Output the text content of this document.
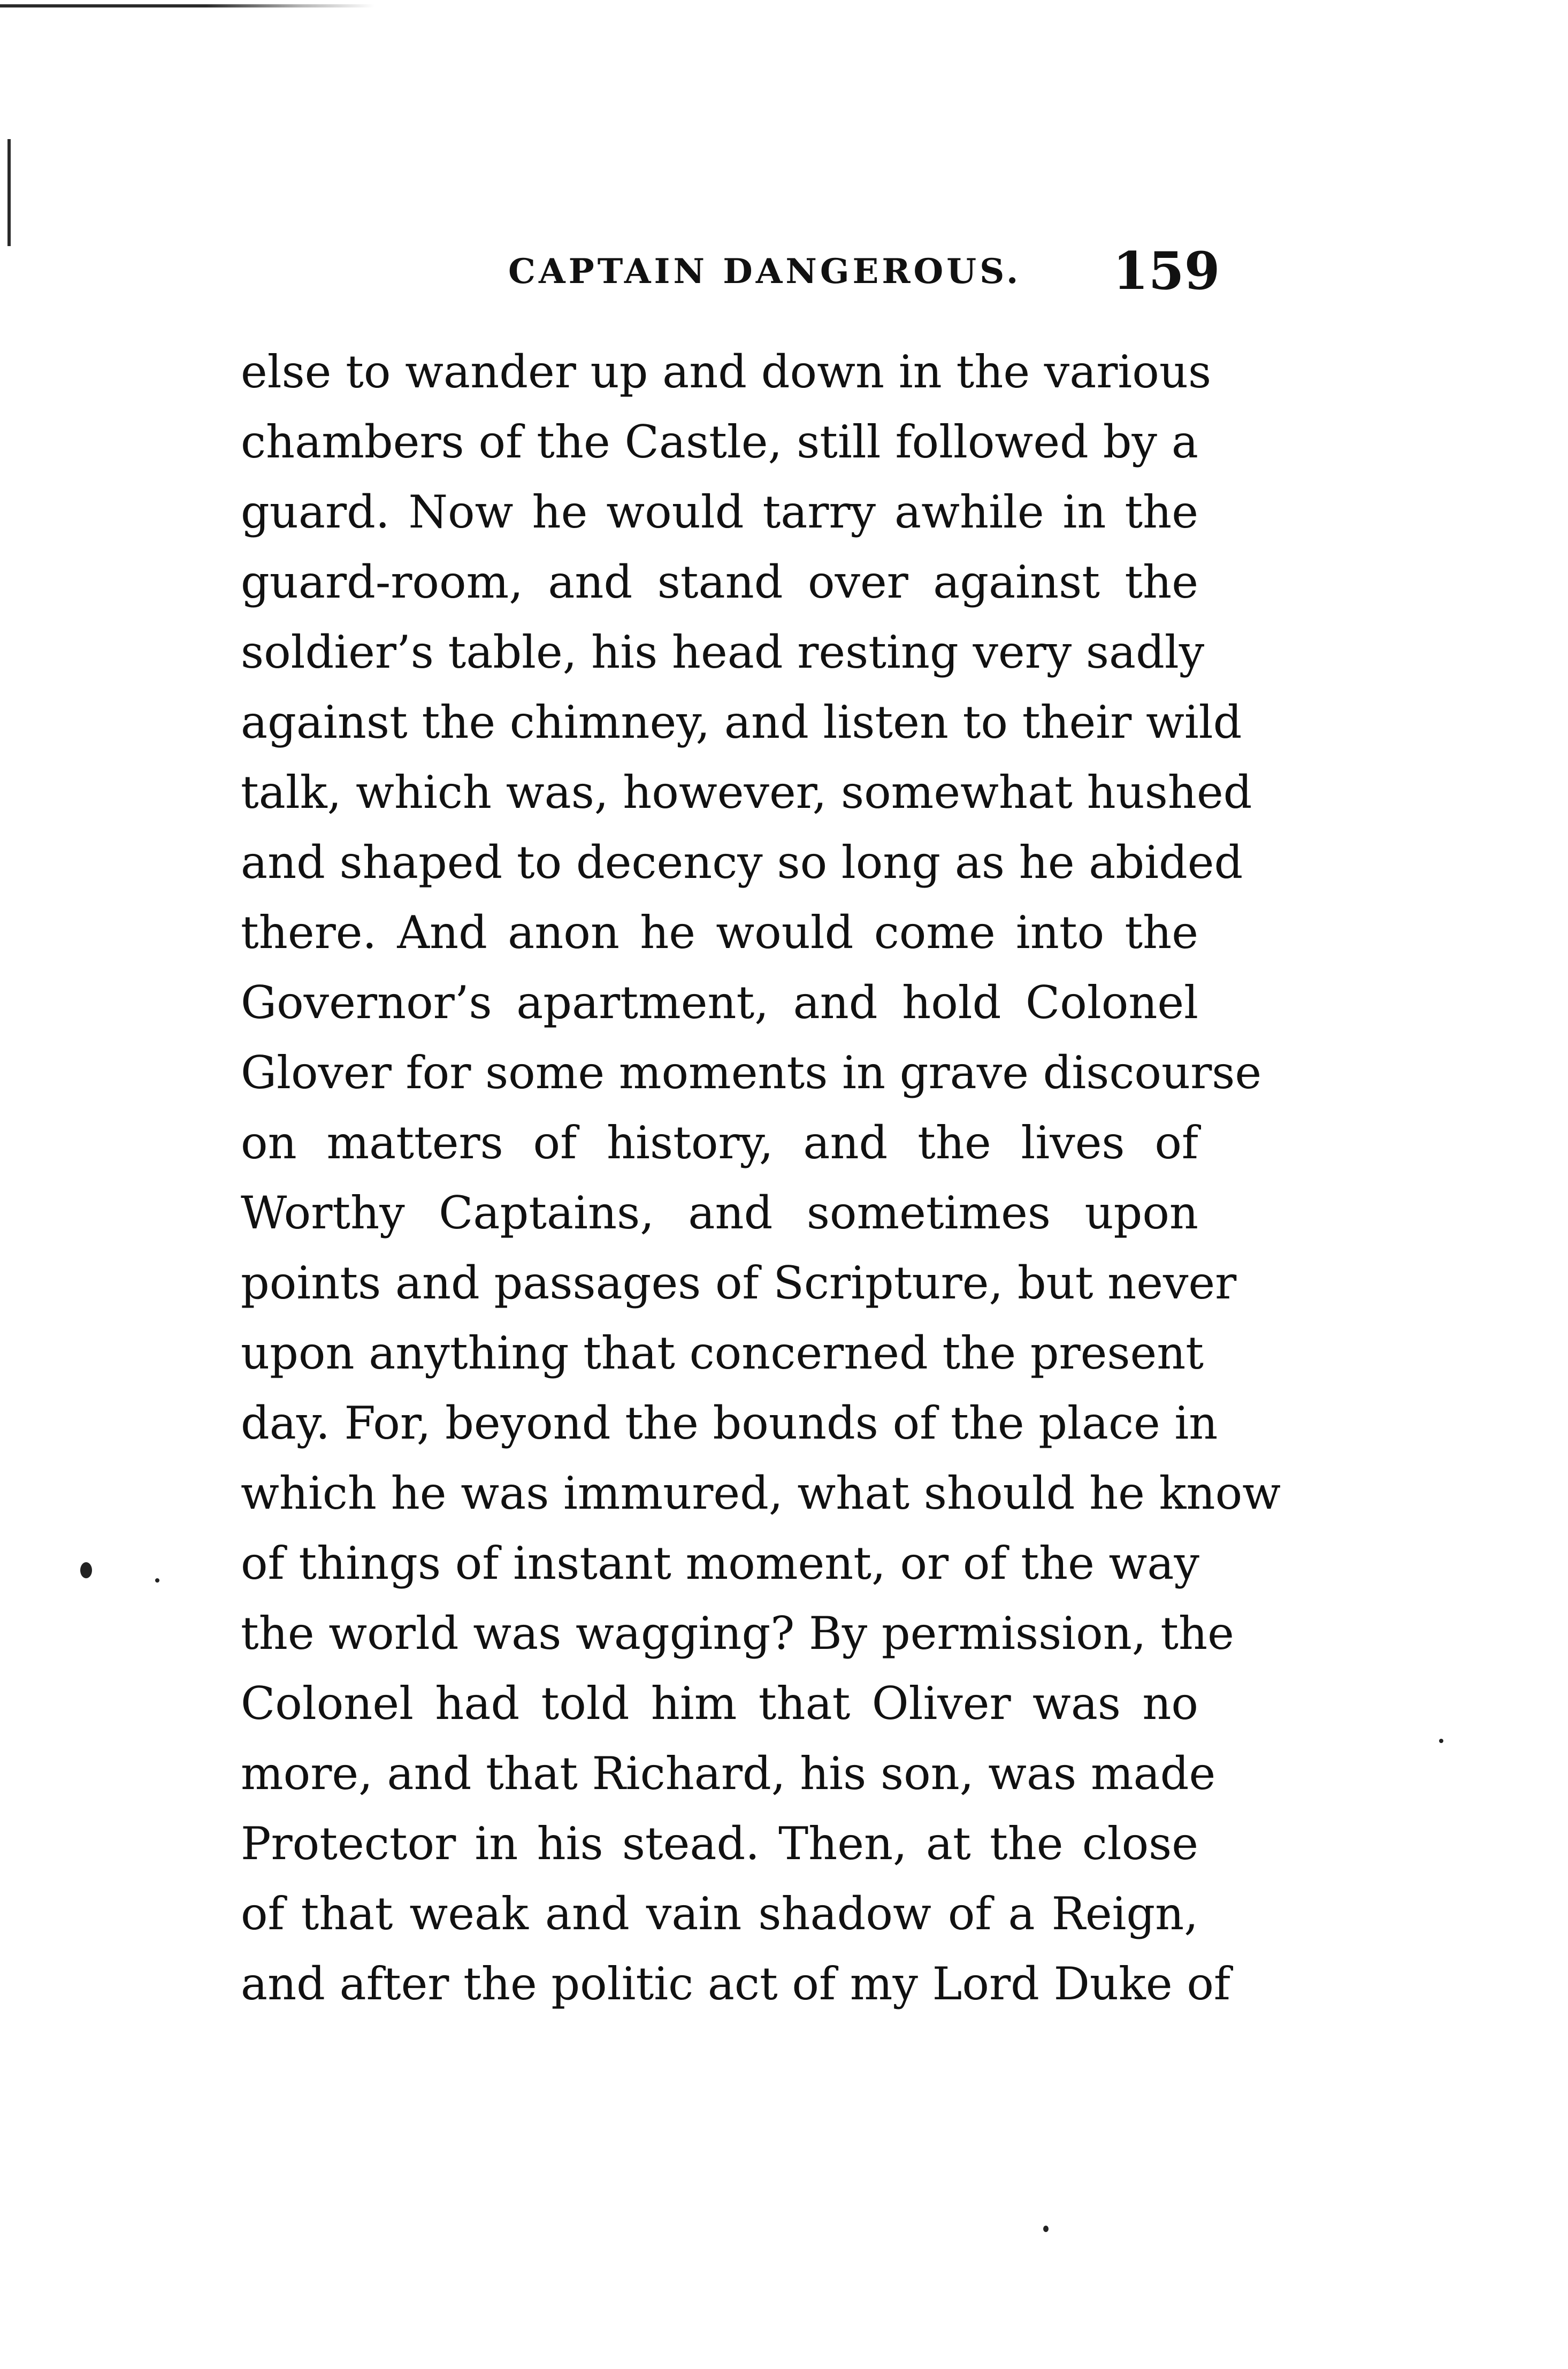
CAPTAIN DANGEROUS. 159
else to wander up and down in the various
chambers of the Castle, still followed by a
guard. Now he would tarry awhile in the
guard-room, and stand over against the
soldier’s table, his head resting very sadly
against the chimney, and listen to their wild
talk, which was, however, somewhat hushed
and shaped to decency so long as he abided
there. And anon he would come into the
Governor’s apartment, and hold Colonel
Glover for some moments in grave discourse
on matters of history, and the lives of
Worthy Captains, and sometimes upon
points and passages of Scripture, but never
upon anything that concerned the present
day. For, beyond the bounds of the place in
which he was immured, what should he know
of things of instant moment, or of the way
the world was wagging? By permission, the
Colonel had told him that Oliver was no
more, and that Richard, his son, was made
Protector in his stead. Then, at the close
of that weak and vain shadow of a Reign,
and after the politic act of my Lord Duke of
